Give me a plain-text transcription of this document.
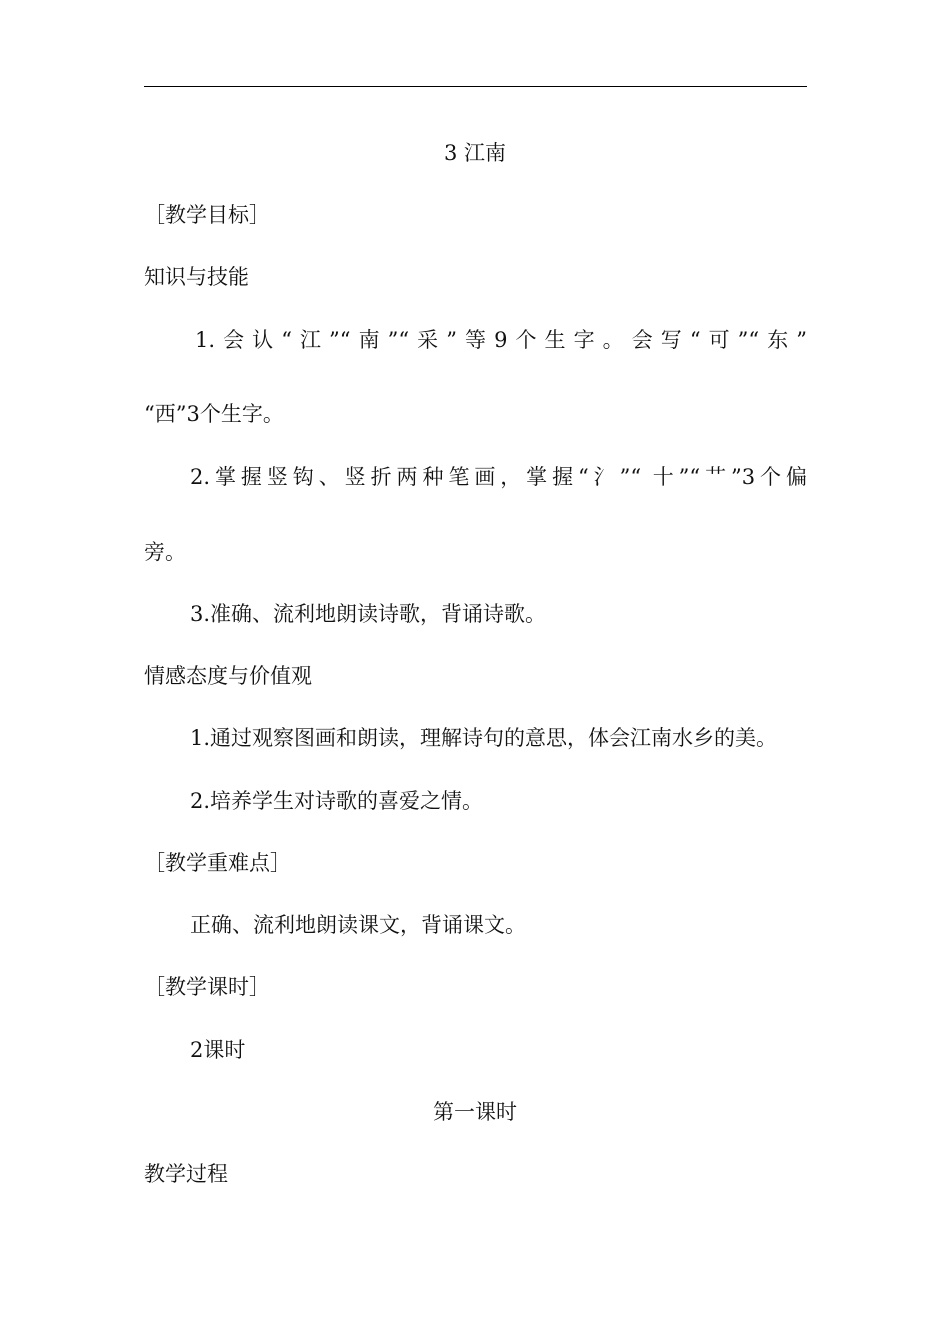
3 江南
［教学目标］
知识与技能
1.会认“江”“南”“采”等9个生字。会写“可”“东”
“西”3个生字。
2.掌握竖钩、竖折两种笔画，掌握“氵”“ 十”“艹”3个偏
旁。
3.准确、流利地朗读诗歌，背诵诗歌。
情感态度与价值观
1.通过观察图画和朗读，理解诗句的意思，体会江南水乡的美。
2.培养学生对诗歌的喜爱之情。
［教学重难点］
正确、流利地朗读课文，背诵课文。
［教学课时］
2课时
第一课时
教学过程
